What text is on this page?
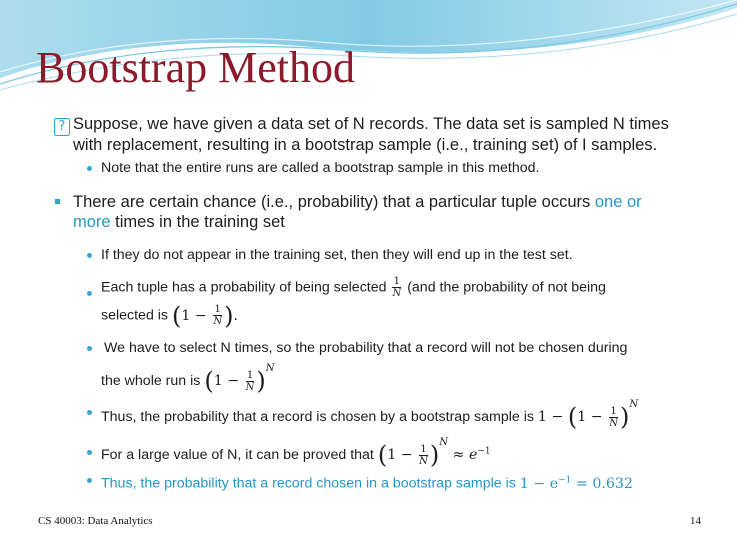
Bootstrap Method
? Suppose, we have given a data set of N records. The data set is sampled N times
with replacement, resulting in a bootstrap sample (i.e., training set) of I samples.
Note that the entire runs are called a bootstrap sample in this method.
There are certain chance (i.e., probability) that a particular tuple occurs one or
more times in the training set
If they do not appear in the training set, then they will end up in the test set.
Each tuple has a probability of being selected $\frac{1}{N} (and$ the probability of not being
selected is ($1 - \frac{1}{N}$ ).
We have to select N times, so the probability that a record will not be chosen during
the whole run is $(1 - \frac{1}{N} )^N$
Thus, the probability that a record is chosen by a bootstrap sample is $1 - (1 - \frac{1}{N} )^N$
For a large value of N, it can be proved that $(1 - \frac{1}{N} )^N \approx e^{-1}$
Thus, the probability that a record chosen in a bootstrap sample is $1 - e^{-1} = 0.632$
CS 40003: Data Analytics	14
